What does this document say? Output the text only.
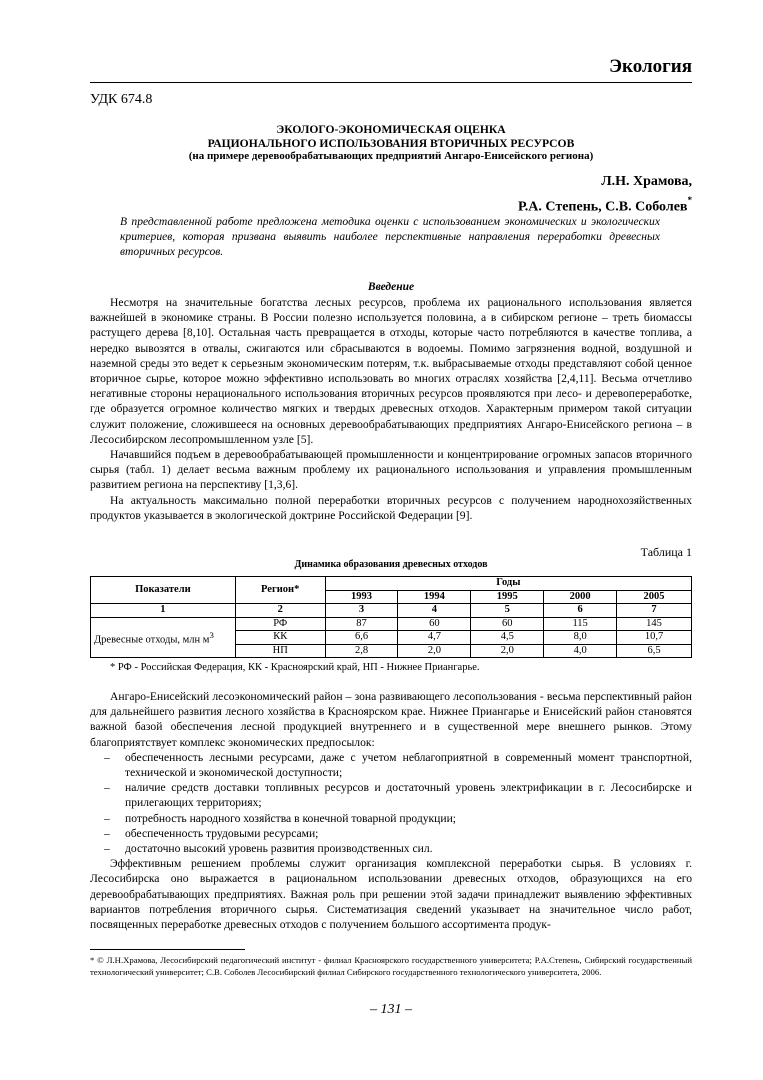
Экология
УДК 674.8
ЭКОЛОГО-ЭКОНОМИЧЕСКАЯ ОЦЕНКА
РАЦИОНАЛЬНОГО ИСПОЛЬЗОВАНИЯ ВТОРИЧНЫХ РЕСУРСОВ
(на примере деревообрабатывающих предприятий Ангаро-Енисейского региона)
Л.Н. Храмова,
Р.А. Степень, С.В. Соболев*
В представленной работе предложена методика оценки с использованием экономических и экологических критериев, которая призвана выявить наиболее перспективные направления переработки древесных вторичных ресурсов.
Введение

Несмотря на значительные богатства лесных ресурсов, проблема их рационального использования является важнейшей в экономике страны. В России полезно используется половина, а в сибирском регионе – треть биомассы растущего дерева [8,10]. Остальная часть превращается в отходы, которые часто потребляются в качестве топлива, а нередко вывозятся в отвалы, сжигаются или сбрасываются в водоемы. Помимо загрязнения водной, воздушной и наземной среды это ведет к серьезным экономическим потерям, т.к. выбрасываемые отходы представляют собой ценное вторичное сырье, которое можно эффективно использовать во многих отраслях хозяйства [2,4,11]. Весьма отчетливо негативные стороны нерационального использования вторичных ресурсов проявляются при лесо- и деревопереработке, где образуется огромное количество мягких и твердых древесных отходов. Характерным примером такой ситуации служит положение, сложившееся на основных деревообрабатывающих предприятиях Ангаро-Енисейского региона – в Лесосибирском лесопромышленном узле [5].

Начавшийся подъем в деревообрабатывающей промышленности и концентрирование огромных запасов вторичного сырья (табл. 1) делает весьма важным проблему их рационального использования и управления промышленным развитием региона на перспективу [1,3,6].

На актуальность максимально полной переработки вторичных ресурсов с получением народнохозяйственных продуктов указывается в экологической доктрине Российской Федерации [9].

Таблица 1
Динамика образования древесных отходов
Показатели	Регион*	Годы				
		1993	1994	1995	2000	2005
1	2	3	4	5	6	7
Древесные отходы, млн $м^3$	РФ	87	60	60	115	145
	КК	6,6	4,7	4,5	8,0	10,7
	НП	2,8	2,0	2,0	4,0	6,5
* РФ - Российская Федерация, КК - Красноярский край, НП - Нижнее Приангарье.

Ангаро-Енисейский лесоэкономический район – зона развивающего лесопользования - весьма перспективный район для дальнейшего развития лесного хозяйства в Красноярском крае. Нижнее Приангарье и Енисейский район становятся важной базой обеспечения лесной продукцией внутреннего и в существенной мере внешнего рынков. Этому благоприятствует комплекс экономических предпосылок:

– обеспеченность лесными ресурсами, даже с учетом неблагоприятной в современный момент транспортной, технической и экономической доступности;
– наличие средств доставки топливных ресурсов и достаточный уровень электрификации в г. Лесосибирске и прилегающих территориях;
– потребность народного хозяйства в конечной товарной продукции;
– обеспеченность трудовыми ресурсами;
– достаточно высокий уровень развития производственных сил.

Эффективным решением проблемы служит организация комплексной переработки сырья. В условиях г. Лесосибирска оно выражается в рациональном использовании древесных отходов, образующихся на его деревообрабатывающих предприятиях. Важная роль при решении этой задачи принадлежит выявлению эффективных вариантов потребления вторичного сырья. Систематизация сведений указывает на значительное число работ, посвященных переработке древесных отходов с получением большого ассортимента продук-

* © Л.Н.Храмова, Лесосибирский педагогический институт - филиал Красноярского государственного университета; Р.А.Степень, Сибирский государственный технологический университет; С.В. Соболев Лесосибирский филиал Сибирского государственного технологического университета, 2006.
– 131 –
